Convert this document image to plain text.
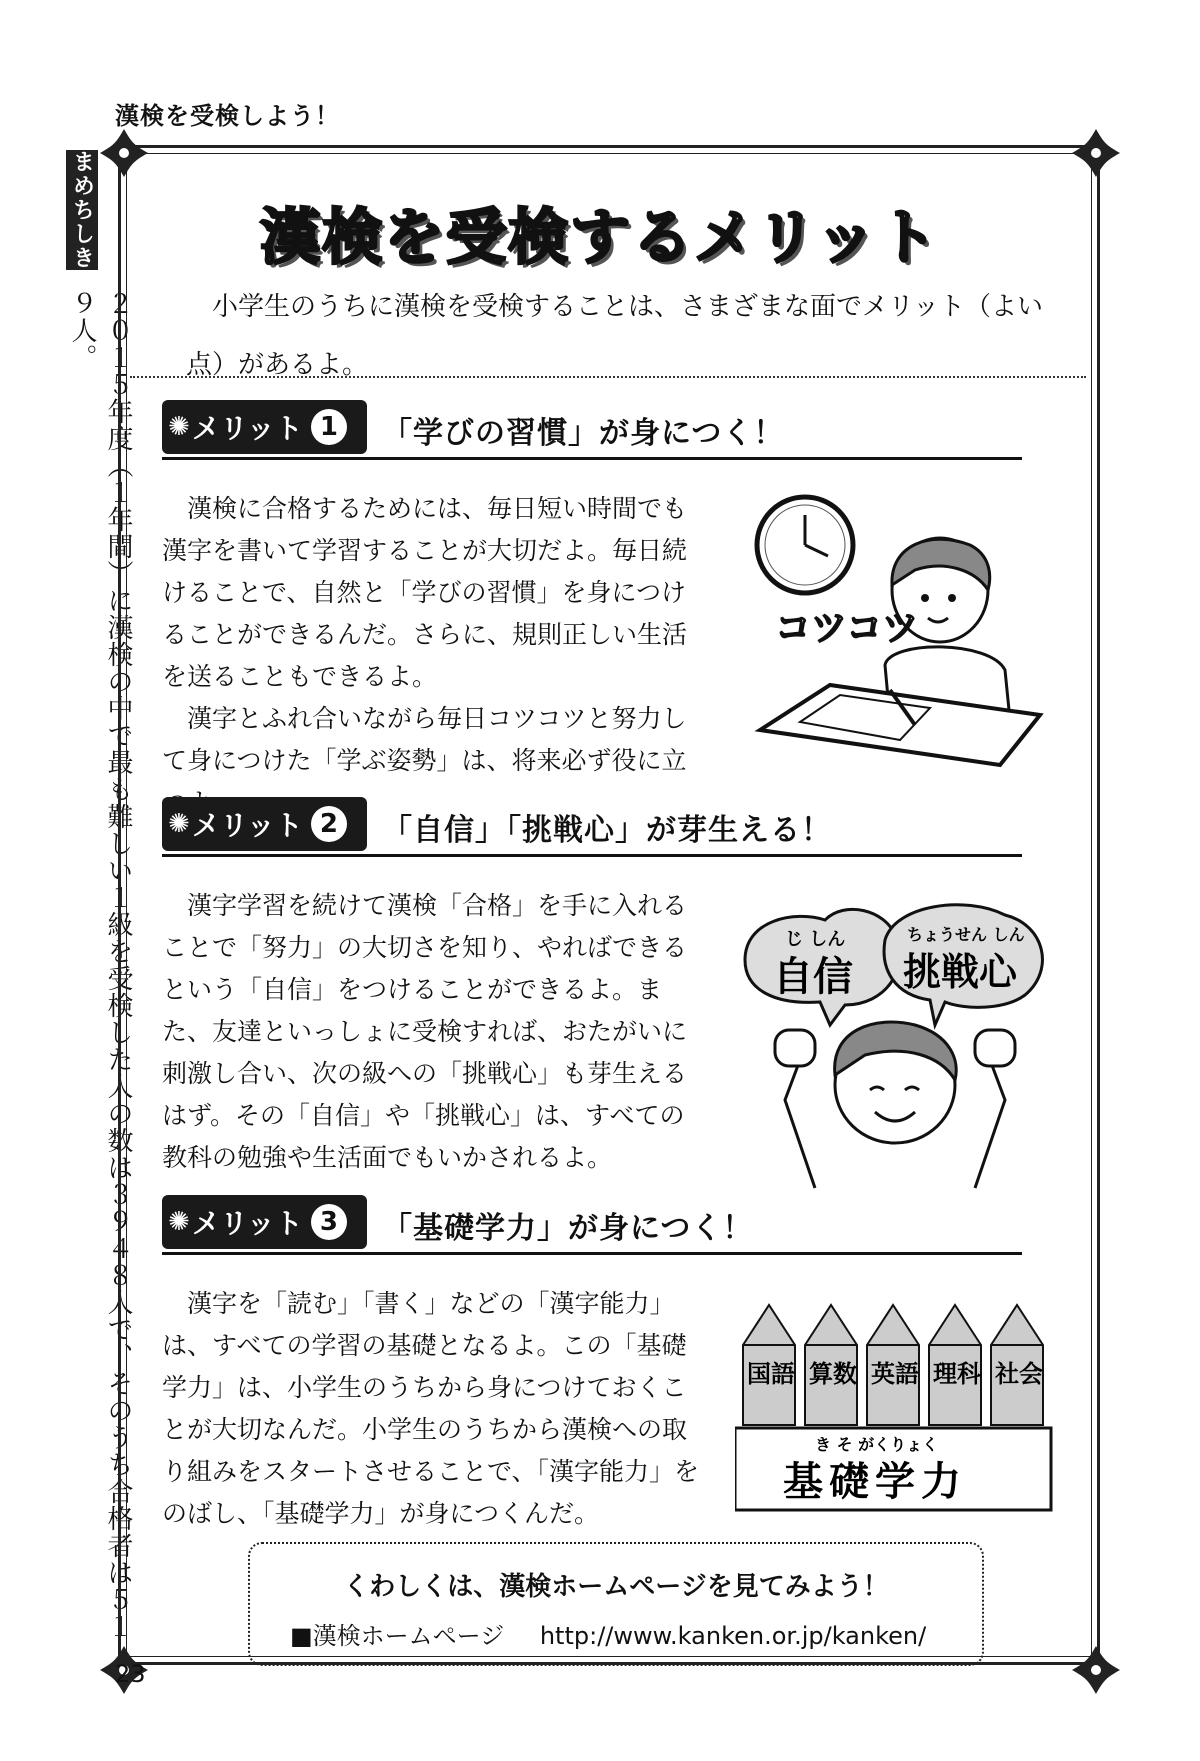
漢検を受検しよう！
まめちしき
２０１５年度（１年間）に漢検の中で最も難しい１級を受検した人の数は３９４８人で、そのうち合格者は５１９人。
漢検を受検するメリット
小学生のうちに漢検を受検することは、さまざまな面でメリット（よい点）があるよ。
✺ メリット 1 「学びの習慣」が身につく！

漢検に合格するためには、毎日短い時間でも漢字を書いて学習することが大切だよ。毎日続けることで、自然と「学びの習慣」を身につけることができるんだ。さらに、規則正しい生活を送ることもできるよ。

漢字とふれ合いながら毎日コツコツと努力して身につけた「学ぶ姿勢」は、将来必ず役に立

コツコツ
✺ メリット 2 「自信」「挑戦心」が芽生える！

漢字学習を続けて漢検「合格」を手に入れることで「努力」の大切さを知り、やればできるという「自信」をつけることができるよ。また、友達といっしょに受検すれば、おたがいに刺激し合い、次の級への「挑戦心」も芽生えるはず。その「自信」や「挑戦心」は、すべての教科の勉強や生活面でもいかされるよ。

じ しん
自信
ちょうせん しん
挑戦心
✺ メリット 3 「基礎学力」が身につく！

漢字を「読む」「書く」などの「漢字能力」は、すべての学習の基礎となるよ。この「基礎学力」は、小学生のうちから身につけておくことが大切なんだ。小学生のうちから漢検への取り組みをスタートさせることで、「漢字能力」をのばし、「基礎学力」が身につくんだ。

国語 算数 英語 理科 社会
き そ がくりょく
基礎学力
くわしくは、漢検ホームページを見てみよう！
■漢検ホームページ http://www.kanken.or.jp/kanken/
23
